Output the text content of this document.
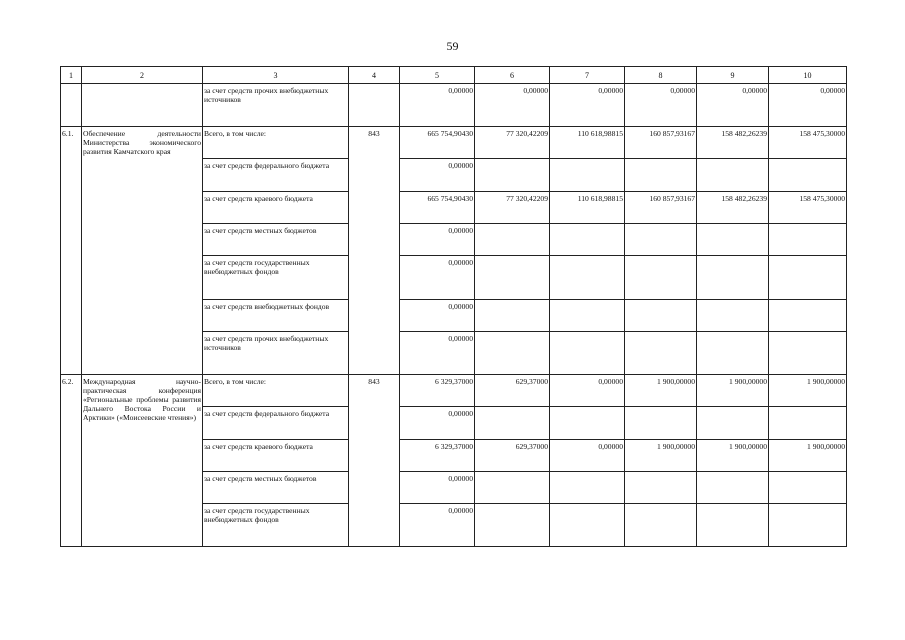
59
1	2	3	4	5	6	7	8	9	10
		за счет средств прочих внебюджетных источников		0,00000	0,00000	0,00000	0,00000	0,00000	0,00000
6.1.	Обеспечение деятельности Министерства экономического развития Камчатского края	Всего, в том числе:	843	665 754,90430	77 320,42209	110 618,98815	160 857,93167	158 482,26239	158 475,30000
		за счет средств федерального бюджета		0,00000					
		за счет средств краевого бюджета		665 754,90430	77 320,42209	110 618,98815	160 857,93167	158 482,26239	158 475,30000
		за счет средств местных бюджетов		0,00000					
		за счет средств государственных внебюджетных фондов		0,00000					
		за счет средств внебюджетных фондов		0,00000					
		за счет средств прочих внебюджетных источников		0,00000					
6.2.	Международная научно-практическая конференция «Региональные проблемы развития Дальнего Востока России и Арктики» («Моисеевские чтения»)	Всего, в том числе:	843	6 329,37000	629,37000	0,00000	1 900,00000	1 900,00000	1 900,00000
		за счет средств федерального бюджета		0,00000					
		за счет средств краевого бюджета		6 329,37000	629,37000	0,00000	1 900,00000	1 900,00000	1 900,00000
		за счет средств местных бюджетов		0,00000					
		за счет средств государственных внебюджетных фондов		0,00000					
